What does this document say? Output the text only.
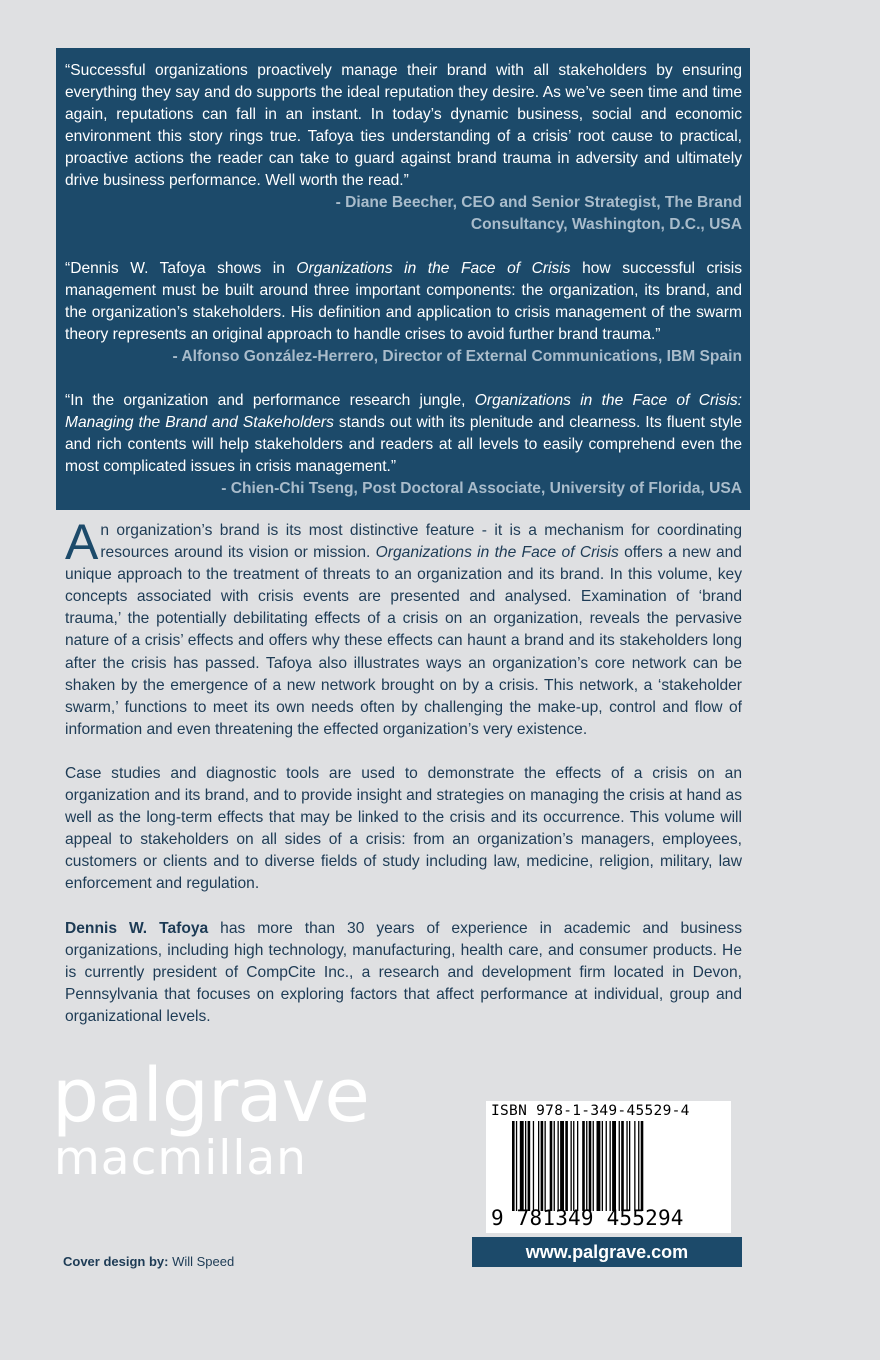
“Successful organizations proactively manage their brand with all stakeholders by ensuring everything they say and do supports the ideal reputation they desire. As we’ve seen time and time again, reputations can fall in an instant. In today’s dynamic business, social and economic environment this story rings true. Tafoya ties understanding of a crisis’ root cause to practical, proactive actions the reader can take to guard against brand trauma in adversity and ultimately drive business performance. Well worth the read.”

- Diane Beecher, CEO and Senior Strategist, The Brand
Consultancy, Washington, D.C., USA

“Dennis W. Tafoya shows in Organizations in the Face of Crisis how successful crisis management must be built around three important components: the organization, its brand, and the organization’s stakeholders. His definition and application to crisis management of the swarm theory represents an original approach to handle crises to avoid further brand trauma.”

- Alfonso González-Herrero, Director of External Communications, IBM Spain

“In the organization and performance research jungle, Organizations in the Face of Crisis: Managing the Brand and Stakeholders stands out with its plenitude and clearness. Its fluent style and rich contents will help stakeholders and readers at all levels to easily comprehend even the most complicated issues in crisis management.”

- Chien-Chi Tseng, Post Doctoral Associate, University of Florida, USA

An organization’s brand is its most distinctive feature - it is a mechanism for coordinating resources around its vision or mission. Organizations in the Face of Crisis offers a new and unique approach to the treatment of threats to an organization and its brand. In this volume, key concepts associated with crisis events are presented and analysed. Examination of ‘brand trauma,’ the potentially debilitating effects of a crisis on an organization, reveals the pervasive nature of a crisis’ effects and offers why these effects can haunt a brand and its stakeholders long after the crisis has passed. Tafoya also illustrates ways an organization’s core network can be shaken by the emergence of a new network brought on by a crisis. This network, a ‘stakeholder swarm,’ functions to meet its own needs often by challenging the make-up, control and flow of information and even threatening the effected organization’s very existence.

Case studies and diagnostic tools are used to demonstrate the effects of a crisis on an organization and its brand, and to provide insight and strategies on managing the crisis at hand as well as the long-term effects that may be linked to the crisis and its occurrence. This volume will appeal to stakeholders on all sides of a crisis: from an organization’s managers, employees, customers or clients and to diverse fields of study including law, medicine, religion, military, law enforcement and regulation.

Dennis W. Tafoya has more than 30 years of experience in academic and business organizations, including high technology, manufacturing, health care, and consumer products. He is currently president of CompCite Inc., a research and development firm located in Devon, Pennsylvania that focuses on exploring factors that affect performance at individual, group and organizational levels.

palgrave
macmillan
ISBN 978-1-349-45529-4
9 781349 455294
www.palgrave.com
Cover design by: Will Speed
